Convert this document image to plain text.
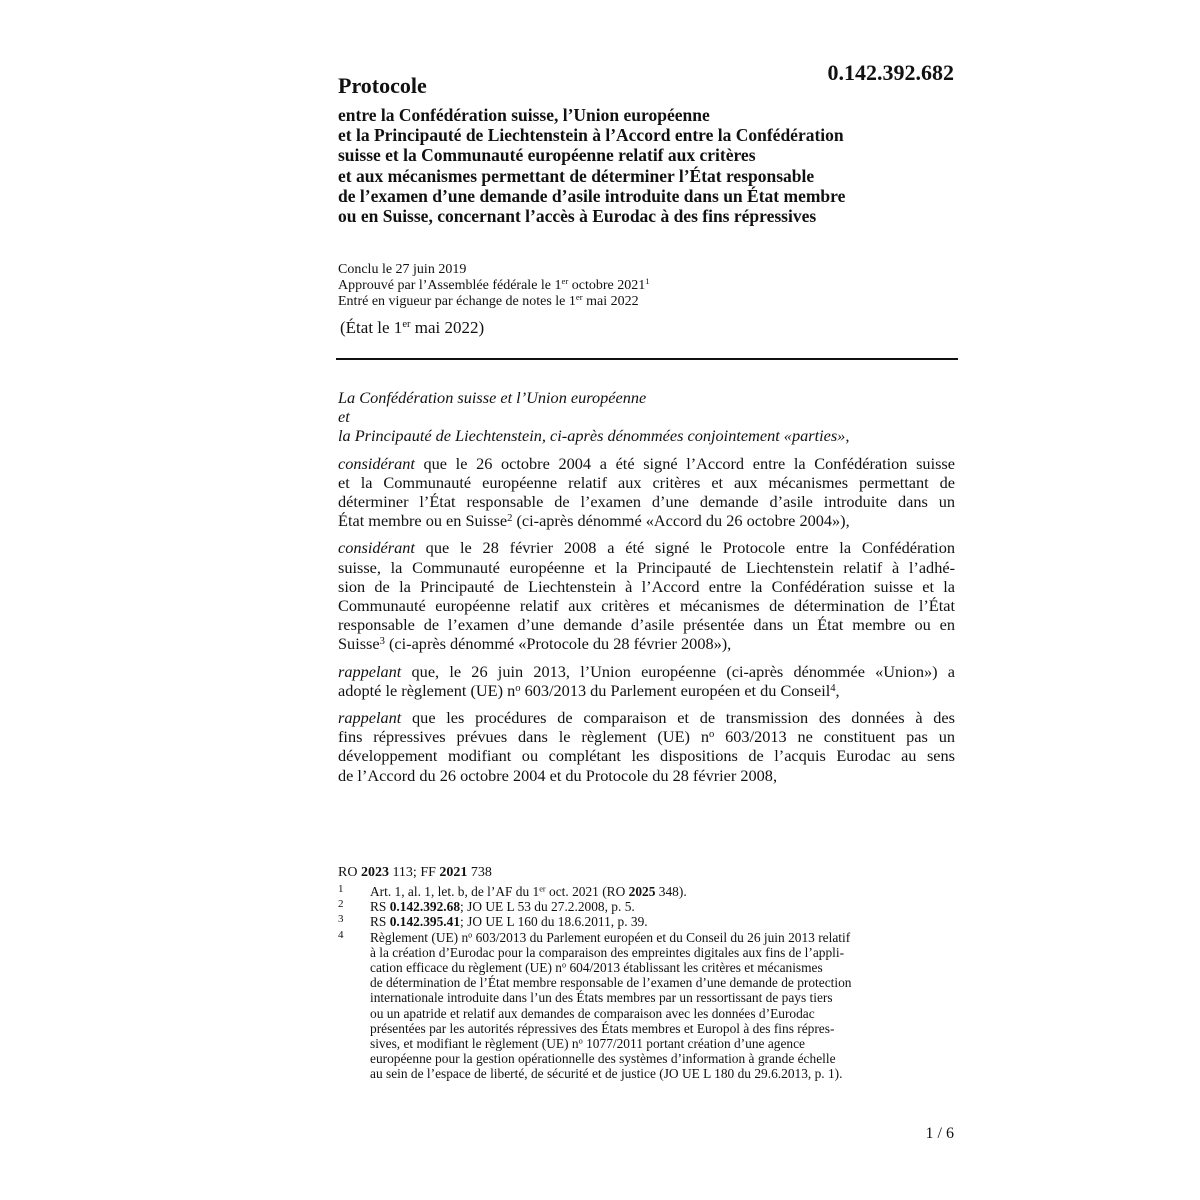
0.142.392.682
Protocole
entre la Confédération suisse, l’Union européenne
et la Principauté de Liechtenstein à l’Accord entre la Confédération
suisse et la Communauté européenne relatif aux critères
et aux mécanismes permettant de déterminer l’État responsable
de l’examen d’une demande d’asile introduite dans un État membre
ou en Suisse, concernant l’accès à Eurodac à des fins répressives
Conclu le 27 juin 2019
Approuvé par l’Assemblée fédérale le 1er octobre 2021$^1$
Entré en vigueur par échange de notes le 1er mai 2022
(État le 1er mai 2022)
La Confédération suisse et l’Union européenne
et
la Principauté de Liechtenstein, ci-après dénommées conjointement «parties»,
considérant que le 26 octobre 2004 a été signé l’Accord entre la Confédération suisse
et la Communauté européenne relatif aux critères et aux mécanismes permettant de
déterminer l’État responsable de l’examen d’une demande d’asile introduite dans un
État membre ou en Suisse$^2$ (ci-après dénommé «Accord du 26 octobre 2004»),
considérant que le 28 février 2008 a été signé le Protocole entre la Confédération
suisse, la Communauté européenne et la Principauté de Liechtenstein relatif à l’adhé-
sion de la Principauté de Liechtenstein à l’Accord entre la Confédération suisse et la
Communauté européenne relatif aux critères et mécanismes de détermination de l’État
responsable de l’examen d’une demande d’asile présentée dans un État membre ou en
Suisse$^3$ (ci-après dénommé «Protocole du 28 février 2008»),
rappelant que, le 26 juin 2013, l’Union européenne (ci-après dénommée «Union») a
adopté le règlement (UE) n$^o$ 603/2013 du Parlement européen et du Conseil$^4$,
rappelant que les procédures de comparaison et de transmission des données à des
fins répressives prévues dans le règlement (UE) n$^o$ 603/2013 ne constituent pas un
développement modifiant ou complétant les dispositions de l’acquis Eurodac au sens
de l’Accord du 26 octobre 2004 et du Protocole du 28 février 2008,
RO 2023 113; FF 2021 738
1 Art. 1, al. 1, let. b, de l’AF du 1er oct. 2021 (RO 2025 348).
2 RS 0.142.392.68; JO UE L 53 du 27.2.2008, p. 5.
3 RS 0.142.395.41; JO UE L 160 du 18.6.2011, p. 39.
4 Règlement (UE) $n^o$ 603/2013 du Parlement européen et du Conseil du 26 juin 2013 relatif
à la création d’Eurodac pour la comparaison des empreintes digitales aux fins de l’appli-
cation efficace du règlement (UE) $n^o$ 604/2013 établissant les critères et mécanismes
de détermination de l’État membre responsable de l’examen d’une demande de protection
internationale introduite dans l’un des États membres par un ressortissant de pays tiers
ou un apatride et relatif aux demandes de comparaison avec les données d’Eurodac
présentées par les autorités répressives des États membres et Europol à des fins répres-
sives, et modifiant le règlement (UE) $n^o$ 1077/2011 portant création d’une agence
européenne pour la gestion opérationnelle des systèmes d’information à grande échelle
au sein de l’espace de liberté, de sécurité et de justice (JO UE L 180 du 29.6.2013, p. 1).
1 / 6
